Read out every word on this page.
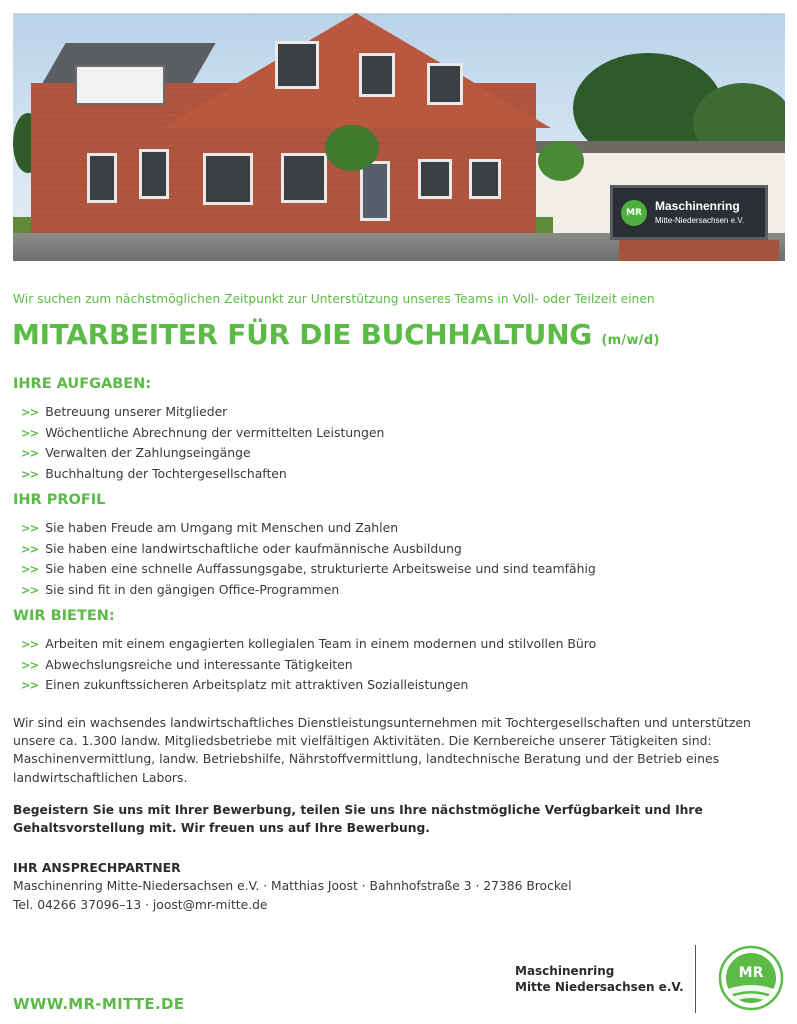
MR	Maschinenring
Mitte-Niedersachsen e.V.
Wir suchen zum nächstmöglichen Zeitpunkt zur Unterstützung unseres Teams in Voll- oder Teilzeit einen
MITARBEITER FÜR DIE BUCHHALTUNG (m/w/d)
IHRE AUFGABEN:
>> Betreuung unserer Mitglieder
>> Wöchentliche Abrechnung der vermittelten Leistungen
>> Verwalten der Zahlungseingänge
>> Buchhaltung der Tochtergesellschaften
IHR PROFIL
>> Sie haben Freude am Umgang mit Menschen und Zahlen
>> Sie haben eine landwirtschaftliche oder kaufmännische Ausbildung
>> Sie haben eine schnelle Auffassungsgabe, strukturierte Arbeitsweise und sind teamfähig
>> Sie sind fit in den gängigen Office-Programmen
WIR BIETEN:
>> Arbeiten mit einem engagierten kollegialen Team in einem modernen und stilvollen Büro
>> Abwechslungsreiche und interessante Tätigkeiten
>> Einen zukunftssicheren Arbeitsplatz mit attraktiven Sozialleistungen
Wir sind ein wachsendes landwirtschaftliches Dienstleistungsunternehmen mit Tochtergesellschaften und unterstützen unsere ca. 1.300 landw. Mitgliedsbetriebe mit vielfältigen Aktivitäten. Die Kernbereiche unserer Tätigkeiten sind: Maschinenvermittlung, landw. Betriebshilfe, Nährstoffvermittlung, landtechnische Beratung und der Betrieb eines landwirtschaftlichen Labors.
Begeistern Sie uns mit Ihrer Bewerbung, teilen Sie uns Ihre nächstmögliche Verfügbarkeit und Ihre Gehaltsvorstellung mit. Wir freuen uns auf Ihre Bewerbung.
IHR ANSPRECHPARTNER
Maschinenring Mitte-Niedersachsen e.V. · Matthias Joost · Bahnhofstraße 3 · 27386 Brockel
Tel. 04266 37096–13 · joost@mr-mitte.de
WWW.MR-MITTE.DE
Maschinenring
Mitte Niedersachsen e.V.
MR
